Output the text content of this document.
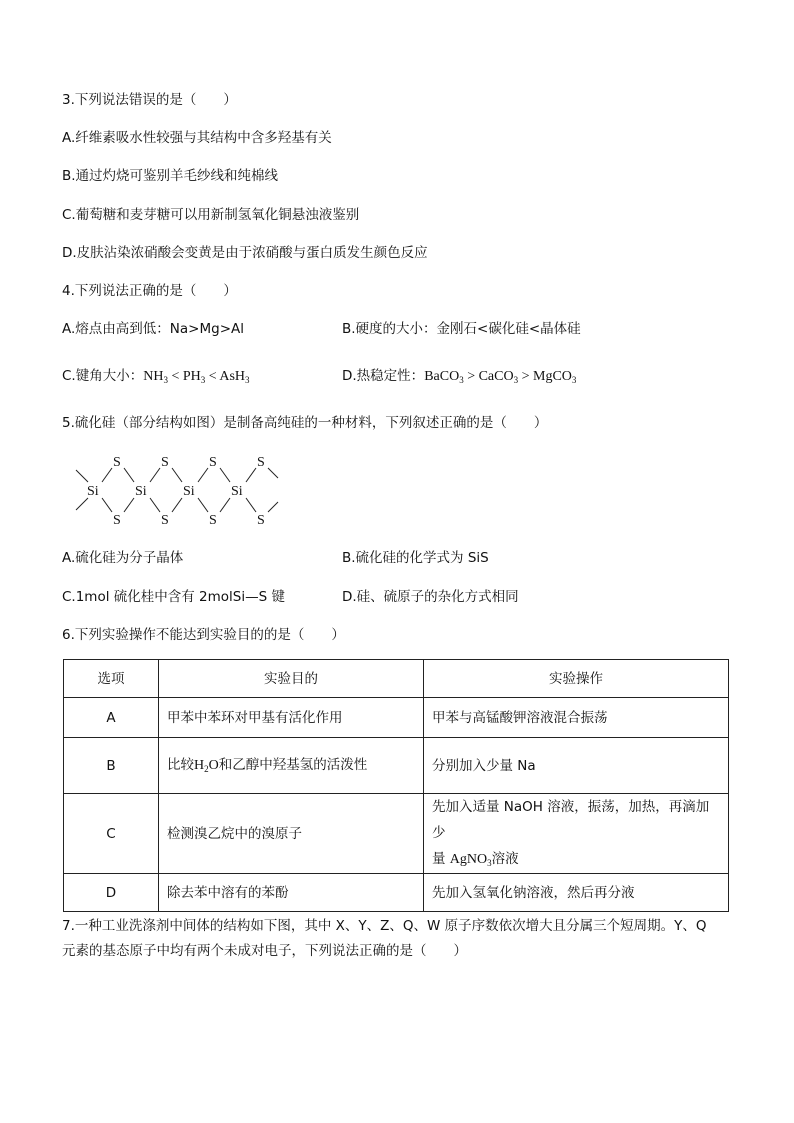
3.下列说法错误的是（　　）
A.纤维素吸水性较强与其结构中含多羟基有关
B.通过灼烧可鉴别羊毛纱线和纯棉线
C.葡萄糖和麦芽糖可以用新制氢氧化铜悬浊液鉴别
D.皮肤沾染浓硝酸会变黄是由于浓硝酸与蛋白质发生颜色反应
4.下列说法正确的是（　　）
A.熔点由高到低：Na>Mg>Al	B.硬度的大小：金刚石<碳化硅<晶体硅
C.键角大小：$NH_3 < PH_3 < AsH_3$	D.热稳定性：BaCO$_3$ > CaCO$_3$ > MgCO$_3$
5.硫化硅（部分结构如图）是制备高纯硅的一种材料，下列叙述正确的是（　　）
Si	Si	Si	Si
S	S	S	S
S	S	S	S
A.硫化硅为分子晶体	B.硫化硅的化学式为 SiS
C.1mol 硫化桂中含有 2molSi—S 键	D.硅、硫原子的杂化方式相同
6.下列实验操作不能达到实验目的的是（　　）
选项	实验目的	实验操作
A	甲苯中苯环对甲基有活化作用	甲苯与高锰酸钾溶液混合振荡
B	比较$H_2O$和乙醇中羟基氢的活泼性	分别加入少量 Na
C	检测溴乙烷中的溴原子	先加入适量 NaOH 溶液，振荡，加热，再滴加少
量 AgNO$_3$溶液

D	除去苯中溶有的苯酚	先加入氢氧化钠溶液，然后再分液
7.一种工业洗涤剂中间体的结构如下图，其中 X、Y、Z、Q、W 原子序数依次增大且分属三个短周期。Y、Q
元素的基态原子中均有两个未成对电子，下列说法正确的是（　　）
